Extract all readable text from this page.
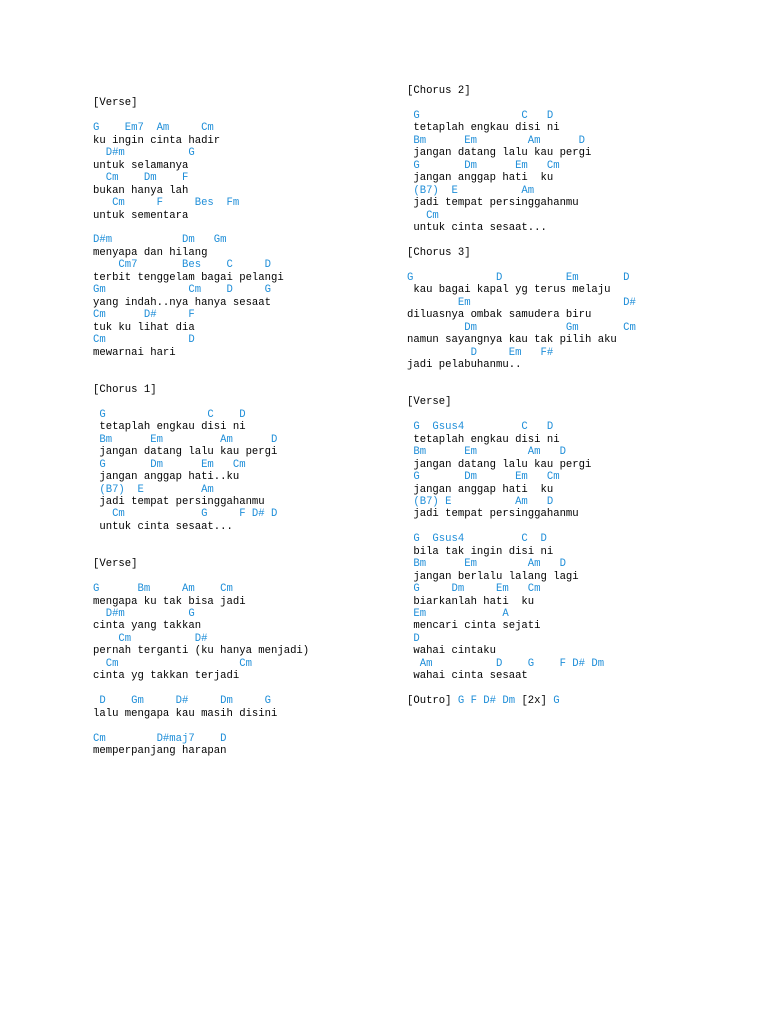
[Verse]

G    Em7  Am     Cm
ku ingin cinta hadir
D#m          G
untuk selamanya
Cm    Dm    F
bukan hanya lah
Cm     F     Bes  Fm
untuk sementara

D#m           Dm   Gm
menyapa dan hilang
Cm7       Bes    C     D
terbit tenggelam bagai pelangi
Gm             Cm    D     G
yang indah..nya hanya sesaat
Cm      D#     F
tuk ku lihat dia
Cm             D
mewarnai hari

[Chorus 1]

G                C    D
tetaplah engkau disi ni
Bm      Em         Am      D
jangan datang lalu kau pergi
G       Dm      Em   Cm
jangan anggap hati..ku
(B7)  E         Am
jadi tempat persinggahanmu
Cm            G     F D# D
untuk cinta sesaat...

[Verse]

G      Bm     Am    Cm
mengapa ku tak bisa jadi
D#m          G
cinta yang takkan
Cm          D#
pernah terganti (ku hanya menjadi)
Cm                   Cm
cinta yg takkan terjadi

D    Gm     D#     Dm     G
lalu mengapa kau masih disini

Cm        D#maj7    D
memperpanjang harapan

[Chorus 2]

G                C   D
tetaplah engkau disi ni
Bm      Em        Am      D
jangan datang lalu kau pergi
G       Dm      Em   Cm
jangan anggap hati  ku
(B7)  E          Am
jadi tempat persinggahanmu
Cm
untuk cinta sesaat...

[Chorus 3]

G             D          Em       D
kau bagai kapal yg terus melaju
Em                        D#
diluasnya ombak samudera biru
Dm              Gm       Cm
namun sayangnya kau tak pilih aku
D     Em   F#
jadi pelabuhanmu..

[Verse]

G  Gsus4         C   D
tetaplah engkau disi ni
Bm      Em        Am   D
jangan datang lalu kau pergi
G       Dm      Em   Cm
jangan anggap hati  ku
(B7) E          Am   D
jadi tempat persinggahanmu

G  Gsus4         C  D
bila tak ingin disi ni
Bm      Em        Am   D
jangan berlalu lalang lagi
G     Dm     Em   Cm
biarkanlah hati  ku
Em            A
mencari cinta sejati
D
wahai cintaku
Am          D    G    F D# Dm
wahai cinta sesaat

[Outro] G F D# Dm [2x] G
